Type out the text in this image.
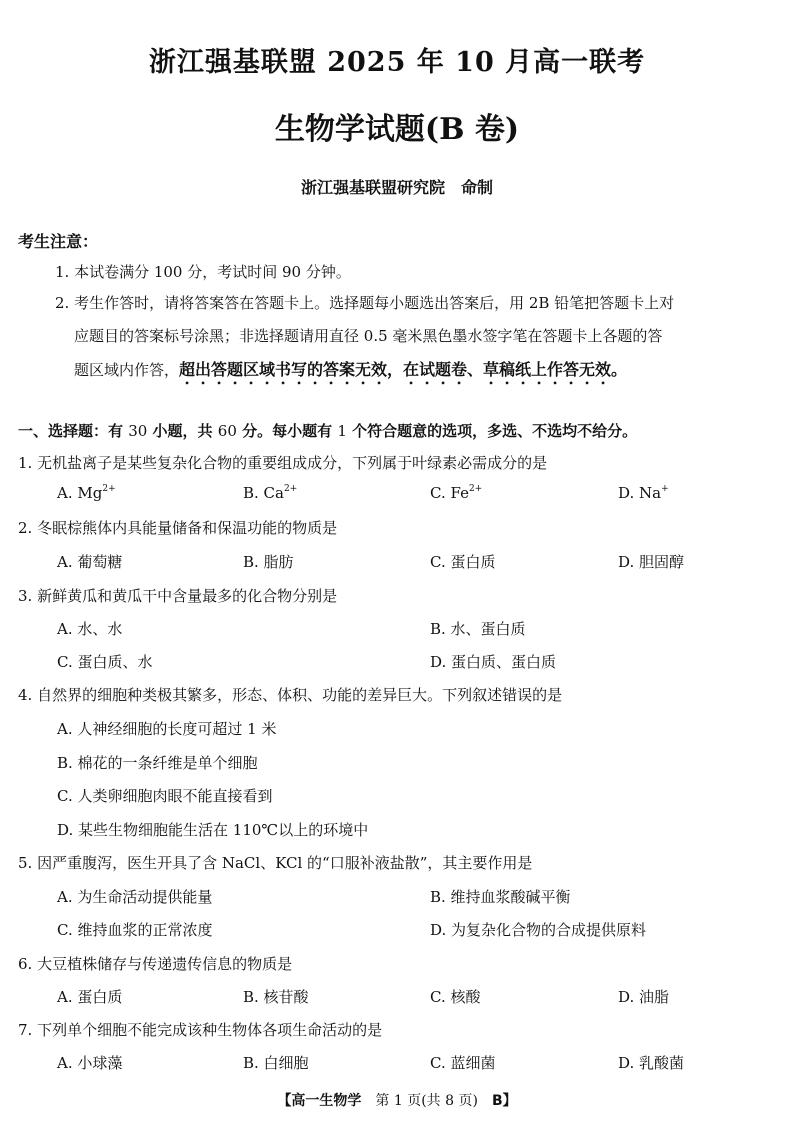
浙江强基联盟 2025 年 10 月高一联考
生物学试题(B 卷)
浙江强基联盟研究院　命制
考生注意：
1. 本试卷满分 100 分，考试时间 90 分钟。
2. 考生作答时，请将答案答在答题卡上。选择题每小题选出答案后，用 2B 铅笔把答题卡上对
应题目的答案标号涂黑；非选择题请用直径 0.5 毫米黑色墨水签字笔在答题卡上各题的答
题区域内作答，超出答题区域书写的答案无效，在试题卷、草稿纸上作答无效。
一、选择题：有 30 小题，共 60 分。每小题有 1 个符合题意的选项，多选、不选均不给分。
1. 无机盐离子是某些复杂化合物的重要组成成分，下列属于叶绿素必需成分的是
A. $Mg^{2+}$	B. $Ca^{2+}$	C. $Fe^{2+}$	D. Na+
2. 冬眠棕熊体内具能量储备和保温功能的物质是
A. 葡萄糖	B. 脂肪	C. 蛋白质	D. 胆固醇
3. 新鲜黄瓜和黄瓜干中含量最多的化合物分别是
A. 水、水	B. 水、蛋白质
C. 蛋白质、水	D. 蛋白质、蛋白质
4. 自然界的细胞种类极其繁多，形态、体积、功能的差异巨大。下列叙述错误的是
A. 人神经细胞的长度可超过 1 米
B. 棉花的一条纤维是单个细胞
C. 人类卵细胞肉眼不能直接看到
D. 某些生物细胞能生活在 110℃以上的环境中
5. 因严重腹泻，医生开具了含 NaCl、KCl 的“口服补液盐散”，其主要作用是
A. 为生命活动提供能量	B. 维持血浆酸碱平衡
C. 维持血浆的正常浓度	D. 为复杂化合物的合成提供原料
6. 大豆植株储存与传递遗传信息的物质是
A. 蛋白质	B. 核苷酸	C. 核酸	D. 油脂
7. 下列单个细胞不能完成该种生物体各项生命活动的是
A. 小球藻	B. 白细胞	C. 蓝细菌	D. 乳酸菌
【高一生物学　 第 1 页(共 8 页)　 B】
